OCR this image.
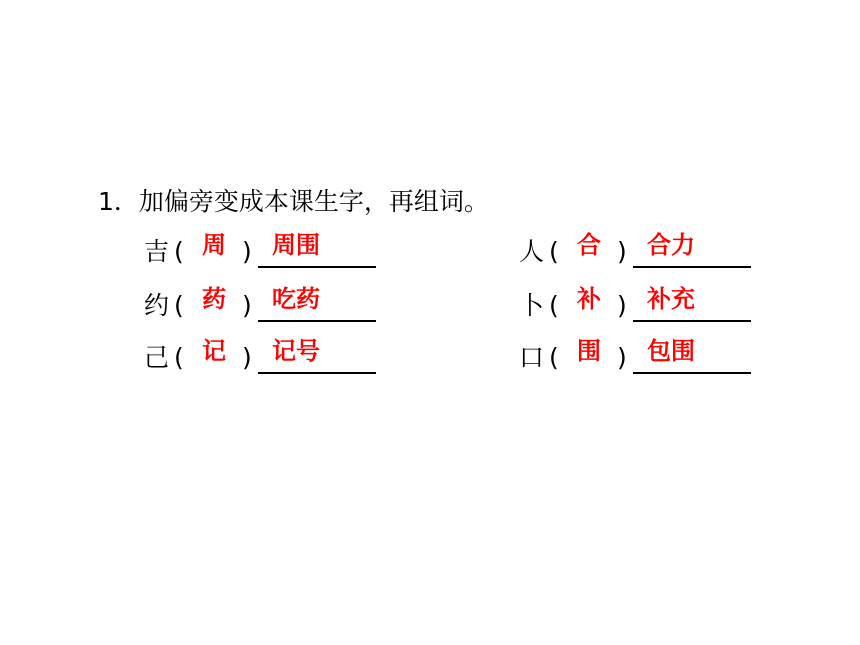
1．加偏旁变成本课生字，再组词。
吉 ( 周 ) 周围
约 ( 药 ) 吃药
己 ( 记 ) 记号
人 ( 合 ) 合力
卜 ( 补 ) 补充
口 ( 围 ) 包围
